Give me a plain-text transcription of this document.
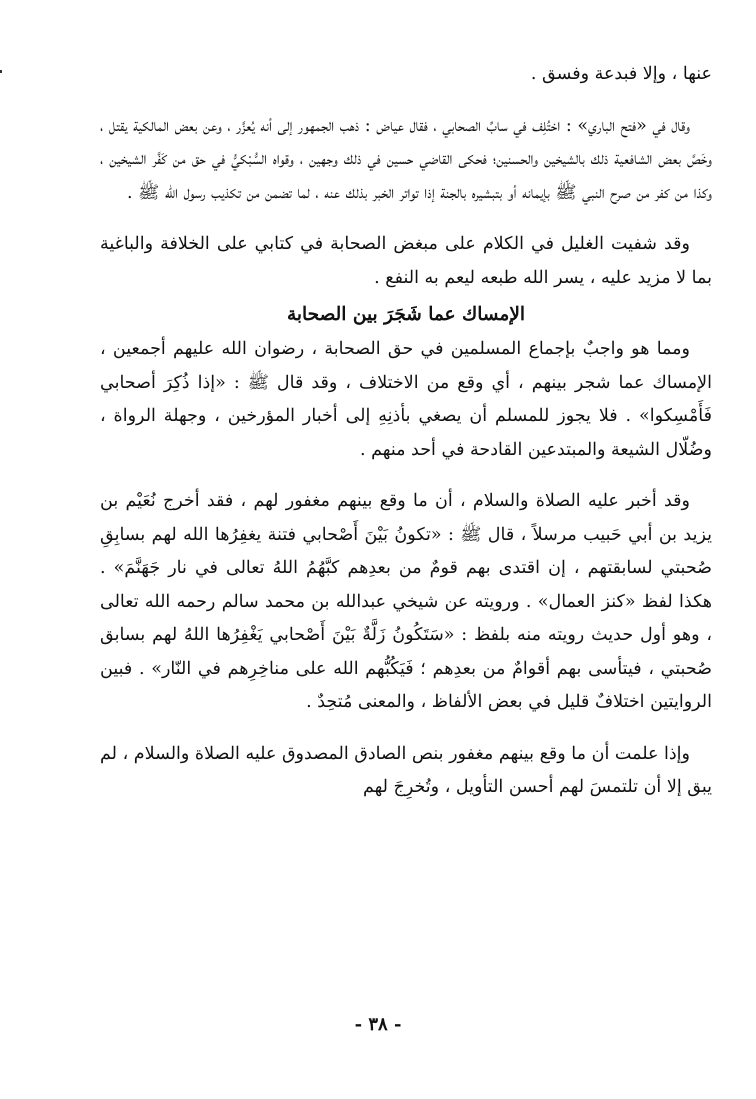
عنها ، وإلا فبدعة وفسق .

وقال في «فتح الباري» : اختُلِف في سابِّ الصحابي ، فقال عياض : ذهب الجمهور إلى أنه يُعزَّر ، وعن بعض المالكية يقتل ، وخَصَّ بعض الشافعية ذلك بالشيخين والحسنين؛ فحكى القاضي حسين في ذلك وجهين ، وقواه السُّبْكيُّ في حق من كَفَّر الشيخين ، وكذا من كفر من صرح النبي ﷺ بإيمانه أو بتبشيره بالجنة إذا تواتر الخبر بذلك عنه ، لما تضمن من تكذيب رسول الله ﷺ .

وقد شفيت الغليل في الكلام على مبغض الصحابة في كتابي على الخلافة والباغية بما لا مزيد عليه ، يسر الله طبعه ليعم به النفع .

الإمساك عما شَجَرَ بين الصحابة

ومما هو واجبٌ بإجماع المسلمين في حق الصحابة ، رضوان الله عليهم أجمعين ، الإمساك عما شجر بينهم ، أي وقع من الاختلاف ، وقد قال ﷺ : «إذا ذُكِرَ أصحابي فَأَمْسِكوا» . فلا يجوز للمسلم أن يصغي بأذنِهِ إلى أخبار المؤرخين ، وجهلة الرواة ، وضُلّال الشيعة والمبتدعين القادحة في أحد منهم .

وقد أخبر عليه الصلاة والسلام ، أن ما وقع بينهم مغفور لهم ، فقد أخرج نُعَيْم بن يزيد بن أبي حَبيب مرسلاً ، قال ﷺ : «تكونُ بَيْنَ أَصْحابي فتنة يغفِرُها الله لهم بسابِقِ صُحبتي لسابقتهم ، إن اقتدى بهم قومٌ من بعدِهم كبَّهُمُ اللهُ تعالى في نار جَهَنَّمَ» . هكذا لفظ «كنز العمال» . ورويته عن شيخي عبدالله بن محمد سالم رحمه الله تعالى ، وهو أول حديث رويته منه بلفظ : «سَتَكُونُ زَلَّةٌ بَيْنَ أَصْحابي يَغْفِرُها اللهُ لهم بسابق صُحبتي ، فيتأسى بهم أقوامٌ من بعدِهم ؛ فَيَكُبُّهم الله على مناخِرِهم في النّار» . فبين الروايتين اختلافٌ قليل في بعض الألفاظ ، والمعنى مُتحِدٌ .

وإذا علمت أن ما وقع بينهم مغفور بنص الصادق المصدوق عليه الصلاة والسلام ، لم يبق إلا أن تلتمسَ لهم أحسن التأويل ، وتُخرِجَ لهم

- ٣٨ -
